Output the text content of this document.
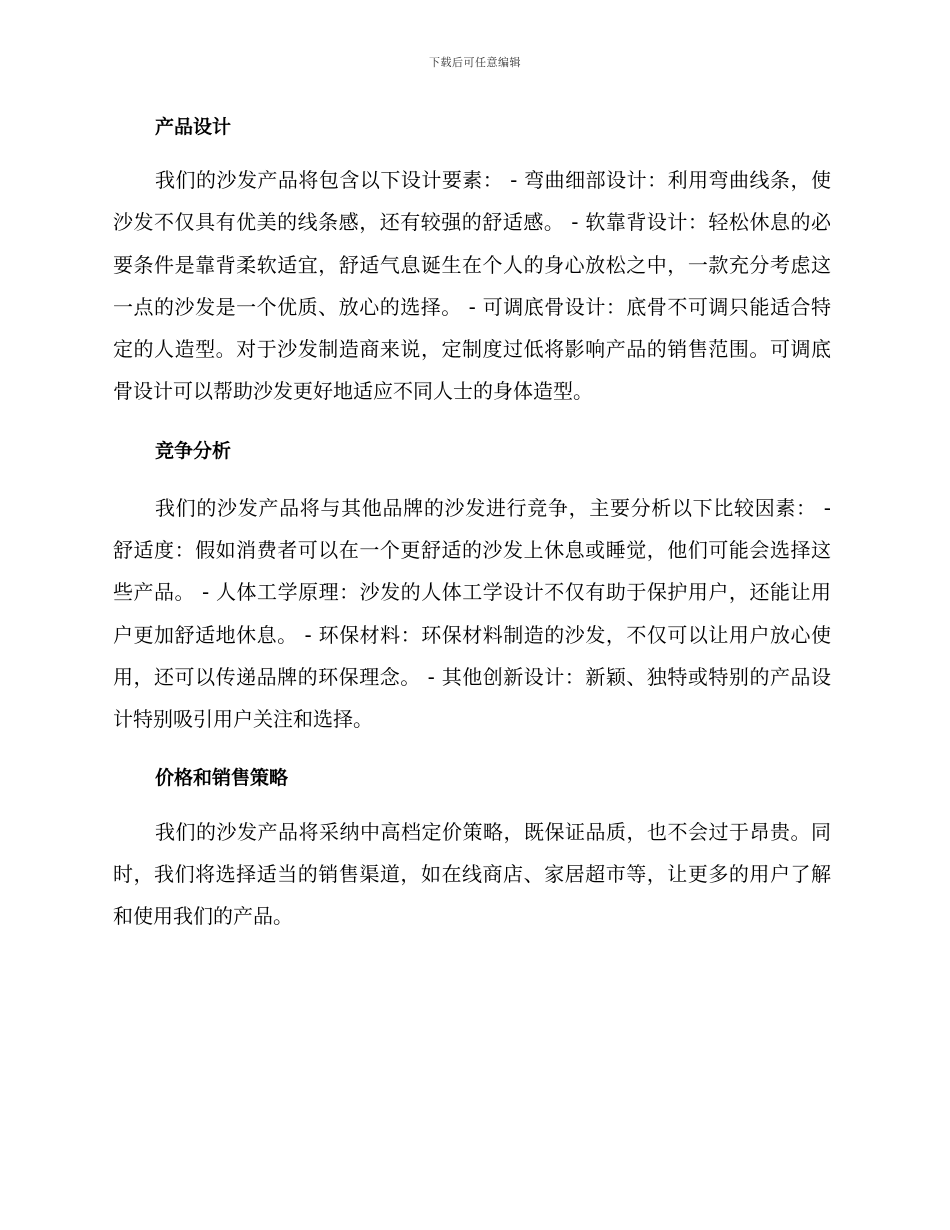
下载后可任意编辑
产品设计

我们的沙发产品将包含以下设计要素： - 弯曲细部设计：利用弯曲线条，使沙发不仅具有优美的线条感，还有较强的舒适感。 - 软靠背设计：轻松休息的必要条件是靠背柔软适宜，舒适气息诞生在个人的身心放松之中，一款充分考虑这一点的沙发是一个优质、放心的选择。 - 可调底骨设计：底骨不可调只能适合特定的人造型。对于沙发制造商来说，定制度过低将影响产品的销售范围。可调底骨设计可以帮助沙发更好地适应不同人士的身体造型。

竞争分析

我们的沙发产品将与其他品牌的沙发进行竞争，主要分析以下比较因素： - 舒适度：假如消费者可以在一个更舒适的沙发上休息或睡觉，他们可能会选择这些产品。 - 人体工学原理：沙发的人体工学设计不仅有助于保护用户，还能让用户更加舒适地休息。 - 环保材料：环保材料制造的沙发，不仅可以让用户放心使用，还可以传递品牌的环保理念。 - 其他创新设计：新颖、独特或特别的产品设计特别吸引用户关注和选择。

价格和销售策略

我们的沙发产品将采纳中高档定价策略，既保证品质，也不会过于昂贵。同时，我们将选择适当的销售渠道，如在线商店、家居超市等，让更多的用户了解和使用我们的产品。
